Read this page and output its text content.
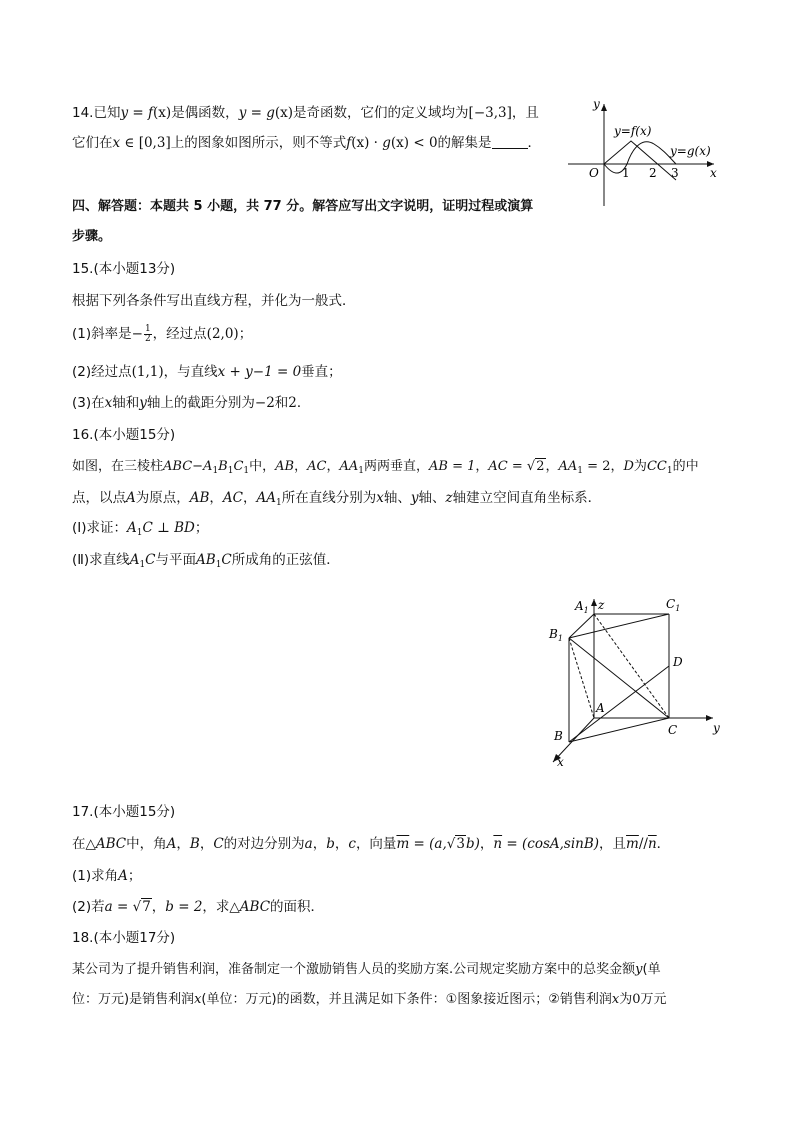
14.已知y = f(x)是偶函数，y = g(x)是奇函数，它们的定义域均为[−3,3]，且
它们在x ∈ [0,3]上的图象如图所示，则不等式f(x) · g(x) < 0的解集是	．
y
x
O 1 2 3
y=f(x)
y=g(x)
四、解答题：本题共 5 小题，共 77 分。解答应写出文字说明，证明过程或演算
步骤。
15.(本小题13分)
根据下列各条件写出直线方程，并化为一般式．
(1)斜率是− $\frac{1}{2}$ ，经过点(2,0)；
(2)经过点(1,1)，与直线x + y−1 = 0垂直；
(3)在x轴和y轴上的截距分别为−2和2．
16.(本小题15分)
如图，在三棱柱$ABC-A_1B_1C_1$中，AB，AC，$AA_1$两两垂直，AB = 1，AC = √2，$AA_1 = 2$，D为$CC_1$的中
点，以点A为原点，AB，AC，$AA_1$所在直线分别为x轴、y轴、z轴建立空间直角坐标系．
(Ⅰ)求证：$A_1C$ ⊥ BD；
(Ⅱ)求直线$A_1C$与平面$AB_1C$所成角的正弦值．
z
y
x
$A_1$	$C_1$
$B_1$
D
A
B	C
17.(本小题15分)
在△ABC中，角A，B，C的对边分别为a，b，c，向量$\overline{m} = (a,√3b)$，$\overline{n} = (\cos A,\sin B)$，且$\overline{m}//\overline{n}$．
(1)求角A；
(2)若a = √7，b = 2，求△ABC的面积．
18.(本小题17分)
某公司为了提升销售利润，准备制定一个激励销售人员的奖励方案.公司规定奖励方案中的总奖金额y(单
位：万元)是销售利润x(单位：万元)的函数，并且满足如下条件：①图象接近图示；②销售利润x为0万元
